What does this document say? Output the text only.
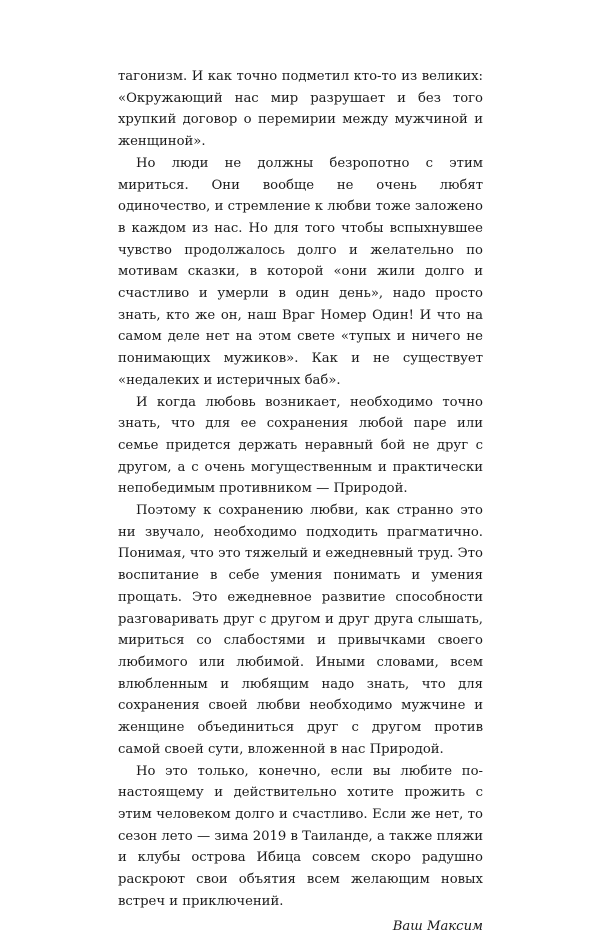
тагонизм. И как точно подметил кто-то из великих: «Окружающий нас мир разрушает и без того хрупкий договор о перемирии между мужчиной и женщиной».

Но люди не должны безропотно с этим мириться. Они вообще не очень любят одиночество, и стремление к любви тоже заложено в каждом из нас. Но для того чтобы вспыхнувшее чувство продолжалось долго и желательно по мотивам сказки, в которой «они жили долго и счастливо и умерли в один день», надо просто знать, кто же он, наш Враг Номер Один! И что на самом деле нет на этом свете «тупых и ничего не понимающих мужиков». Как и не существует «недалеких и истеричных баб».

И когда любовь возникает, необходимо точно знать, что для ее сохранения любой паре или семье придется держать неравный бой не друг с другом, а с очень могущественным и практически непобедимым противником — Природой.

Поэтому к сохранению любви, как странно это ни звучало, необходимо подходить прагматично. Понимая, что это тяжелый и ежедневный труд. Это воспитание в себе умения понимать и умения прощать. Это ежедневное развитие способности разговаривать друг с другом и друг друга слышать, мириться со слабостями и привычками своего любимого или любимой. Иными словами, всем влюбленным и любящим надо знать, что для сохранения своей любви необходимо мужчине и женщине объединиться друг с другом против самой своей сути, вложенной в нас Природой.

Но это только, конечно, если вы любите по-настоящему и действительно хотите прожить с этим человеком долго и счастливо. Если же нет, то сезон лето — зима 2019 в Таиланде, а также пляжи и клубы острова Ибица совсем скоро радушно раскроют свои объятия всем желающим новых встреч и приключений.

Ваш Максим
